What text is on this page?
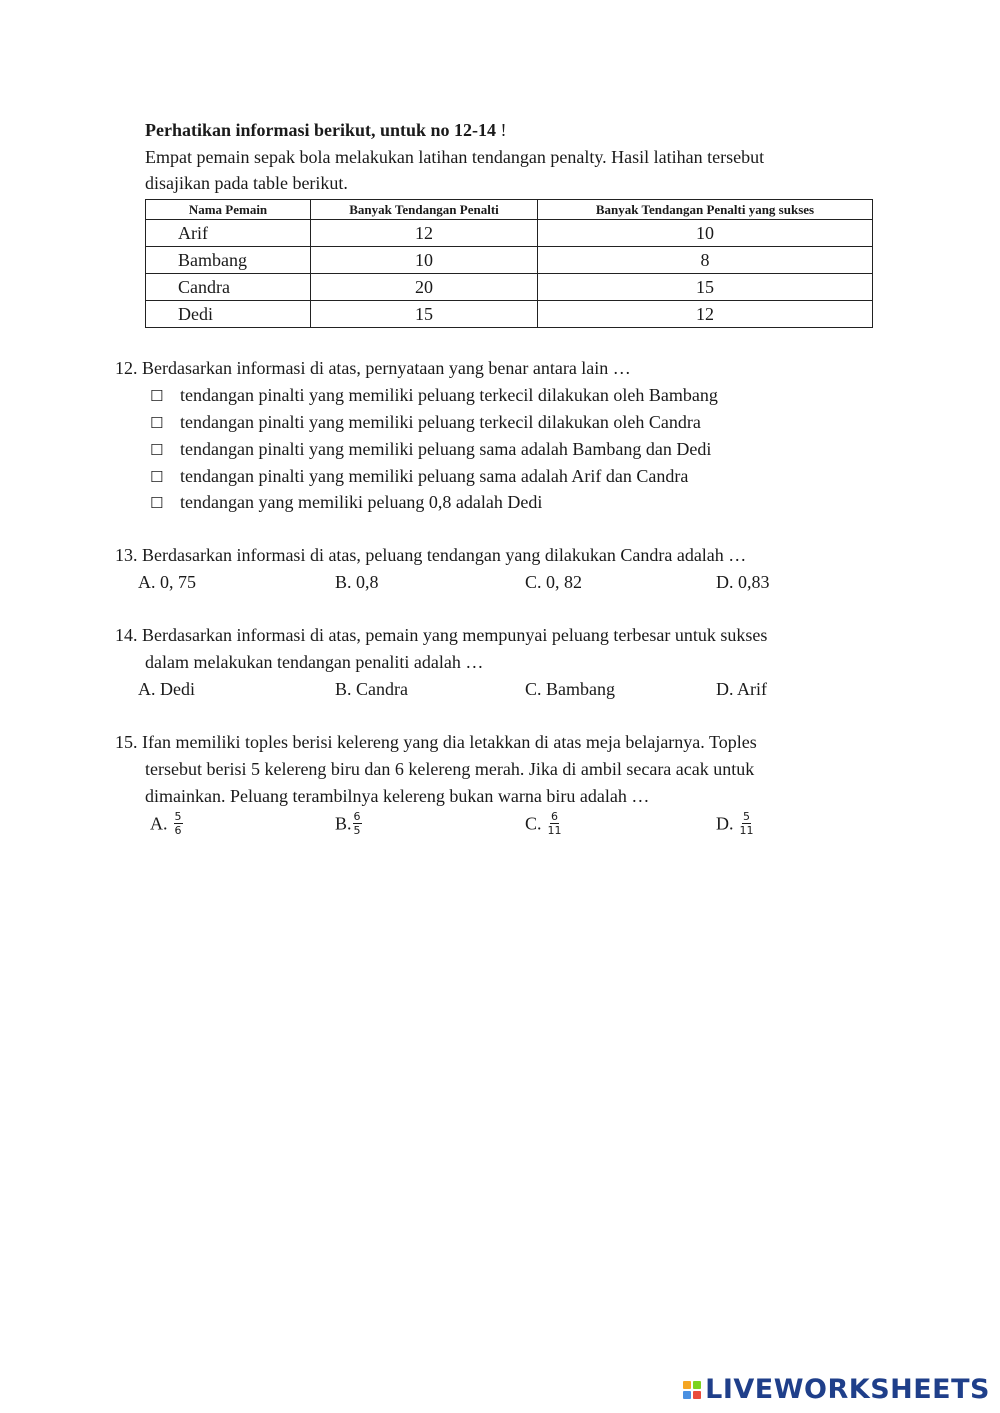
Perhatikan informasi berikut, untuk no 12-14 !
Empat pemain sepak bola melakukan latihan tendangan penalty. Hasil latihan tersebut
disajikan pada table berikut.
Nama Pemain	Banyak Tendangan Penalti	Banyak Tendangan Penalti yang sukses
Arif	12	10
Bambang	10	8
Candra	20	15
Dedi	15	12
12. Berdasarkan informasi di atas, pernyataan yang benar antara lain …
☐ tendangan pinalti yang memiliki peluang terkecil dilakukan oleh Bambang
☐ tendangan pinalti yang memiliki peluang terkecil dilakukan oleh Candra
☐ tendangan pinalti yang memiliki peluang sama adalah Bambang dan Dedi
☐ tendangan pinalti yang memiliki peluang sama adalah Arif dan Candra
☐ tendangan yang memiliki peluang 0,8 adalah Dedi
13. Berdasarkan informasi di atas, peluang tendangan yang dilakukan Candra adalah …
A. 0, 75	B. 0,8	C. 0, 82	D. 0,83
14. Berdasarkan informasi di atas, pemain yang mempunyai peluang terbesar untuk sukses
dalam melakukan tendangan penaliti adalah …
A. Dedi	B. Candra	C. Bambang	D. Arif
15. Ifan memiliki toples berisi kelereng yang dia letakkan di atas meja belajarnya. Toples
tersebut berisi 5 kelereng biru dan 6 kelereng merah. Jika di ambil secara acak untuk
dimainkan. Peluang terambilnya kelereng bukan warna biru adalah …
A. $\frac{5}{6}$	B. $\frac{6}{5}$	C. $\frac{6}{11}$	D. $\frac{5}{11}$
LIVEWORKSHEETS
